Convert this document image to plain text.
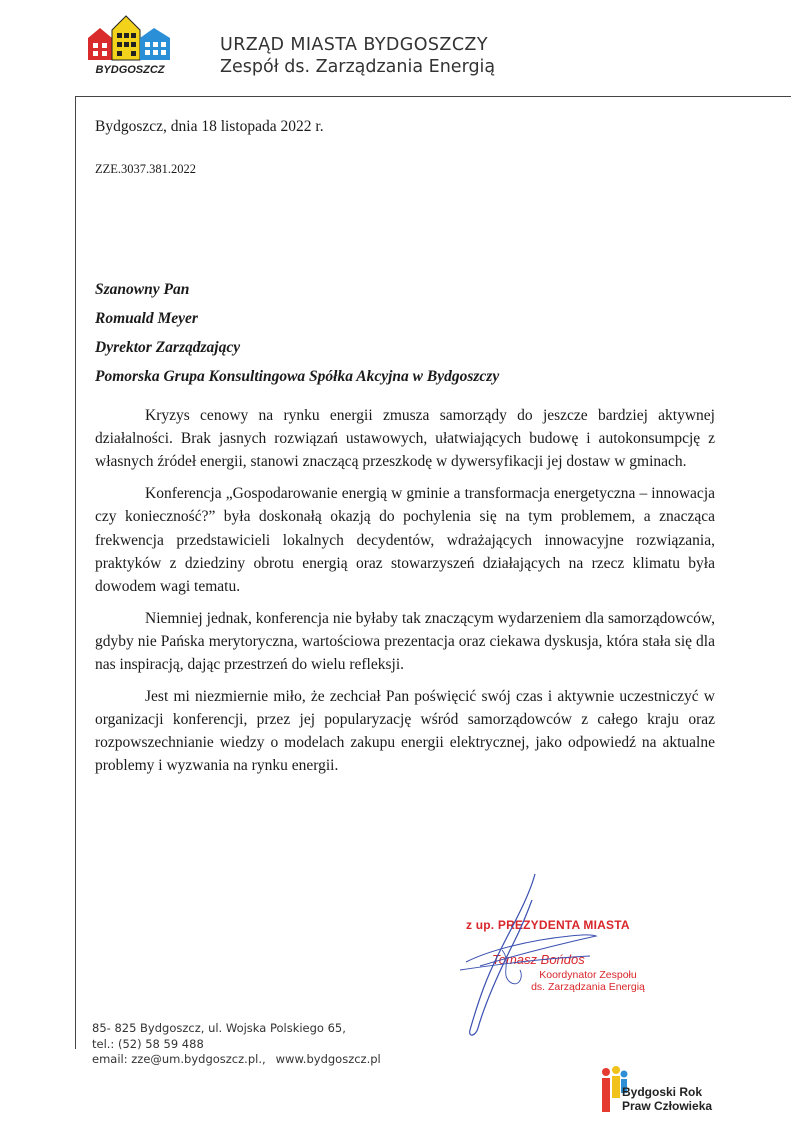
BYDGOSZCZ
URZĄD MIASTA BYDGOSZCZY
Zespół ds. Zarządzania Energią
Bydgoszcz, dnia 18 listopada 2022 r.
ZZE.3037.381.2022
Szanowny Pan
Romuald Meyer
Dyrektor Zarządzający
Pomorska Grupa Konsultingowa Spółka Akcyjna w Bydgoszczy

Kryzys cenowy na rynku energii zmusza samorządy do jeszcze bardziej aktywnej działalności. Brak jasnych rozwiązań ustawowych, ułatwiających budowę i autokonsumpcję z własnych źródeł energii, stanowi znaczącą przeszkodę w dywersyfikacji jej dostaw w gminach.

Konferencja „Gospodarowanie energią w gminie a transformacja energetyczna – innowacja czy konieczność?” była doskonałą okazją do pochylenia się na tym problemem, a znacząca frekwencja przedstawicieli lokalnych decydentów, wdrażających innowacyjne rozwiązania, praktyków z dziedziny obrotu energią oraz stowarzyszeń działających na rzecz klimatu była dowodem wagi tematu.

Niemniej jednak, konferencja nie byłaby tak znaczącym wydarzeniem dla samorządowców, gdyby nie Pańska merytoryczna, wartościowa prezentacja oraz ciekawa dyskusja, która stała się dla nas inspiracją, dając przestrzeń do wielu refleksji.

Jest mi niezmiernie miło, że zechciał Pan poświęcić swój czas i aktywnie uczestniczyć w organizacji konferencji, przez jej popularyzację wśród samorządowców z całego kraju oraz rozpowszechnianie wiedzy o modelach zakupu energii elektrycznej, jako odpowiedź na aktualne problemy i wyzwania na rynku energii.

z up. PREZYDENTA MIASTA
Tomasz Bońdos
Koordynator Zespołu
ds. Zarządzania Energią
85- 825 Bydgoszcz, ul. Wojska Polskiego 65,
tel.: (52) 58 59 488
email: zze@um.bydgoszcz.pl., www.bydgoszcz.pl
Bydgoski Rok
Praw Człowieka
